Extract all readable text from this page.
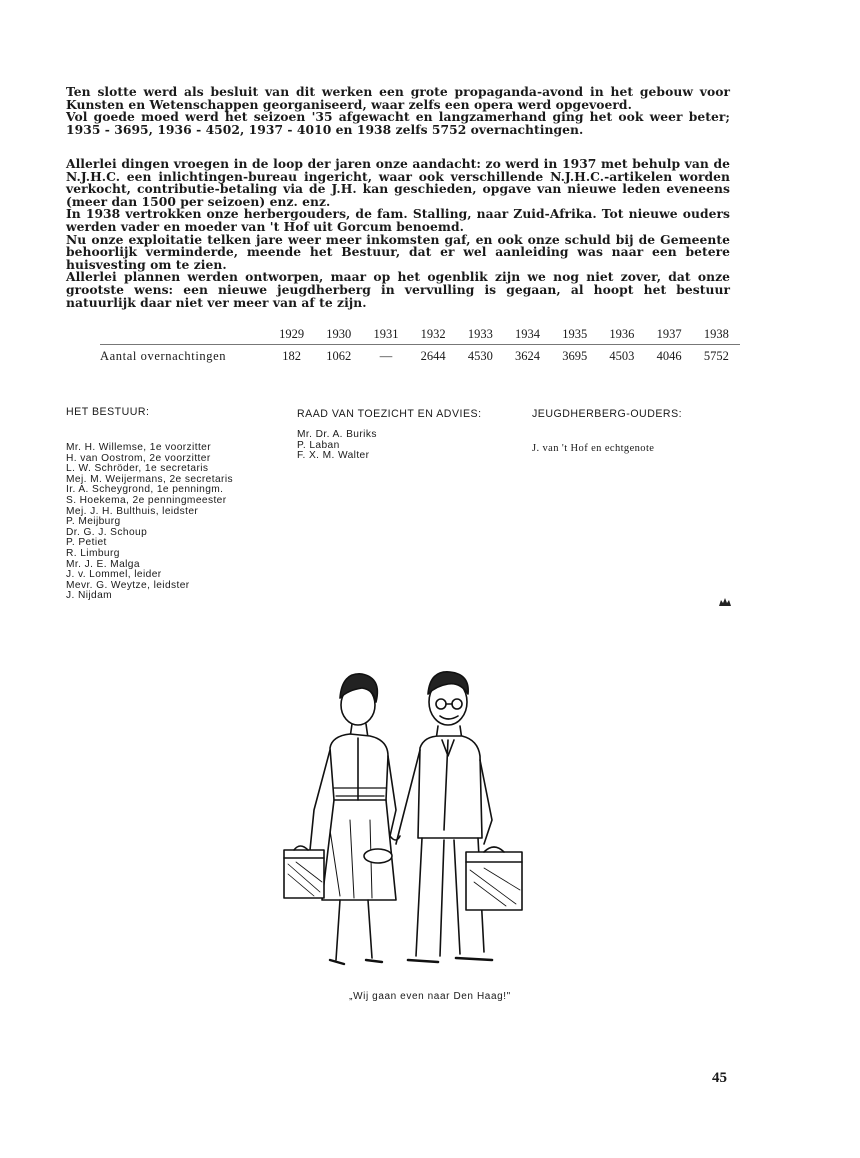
Ten slotte werd als besluit van dit werken een grote propaganda-avond in het gebouw voor Kunsten en Wetenschappen georganiseerd, waar zelfs een opera werd opgevoerd.

Vol goede moed werd het seizoen '35 afgewacht en langzamerhand ging het ook weer beter; 1935 - 3695, 1936 - 4502, 1937 - 4010 en 1938 zelfs 5752 overnachtingen.

Allerlei dingen vroegen in de loop der jaren onze aandacht: zo werd in 1937 met behulp van de N.J.H.C. een inlichtingen-bureau ingericht, waar ook verschillende N.J.H.C.-artikelen worden verkocht, contributie-betaling via de J.H. kan geschieden, opgave van nieuwe leden eveneens (meer dan 1500 per seizoen) enz. enz.

In 1938 vertrokken onze herbergouders, de fam. Stalling, naar Zuid-Afrika. Tot nieuwe ouders werden vader en moeder van 't Hof uit Gorcum benoemd.

Nu onze exploitatie telken jare weer meer inkomsten gaf, en ook onze schuld bij de Gemeente behoorlijk verminderde, meende het Bestuur, dat er wel aanleiding was naar een betere huisvesting om te zien.

Allerlei plannen werden ontworpen, maar op het ogenblik zijn we nog niet zover, dat onze grootste wens: een nieuwe jeugdherberg in vervulling is gegaan, al hoopt het bestuur natuurlijk daar niet ver meer van af te zijn.

	1929	1930	1931	1932	1933	1934	1935	1936	1937	1938
Aantal overnachtingen	182	1062	—	2644	4530	3624	3695	4503	4046	5752
HET BESTUUR:
Mr. H. Willemse, 1e voorzitter
H. van Oostrom, 2e voorzitter
L. W. Schröder, 1e secretaris
Mej. M. Weijermans, 2e secretaris
Ir. A. Scheygrond, 1e penningm.
S. Hoekema, 2e penningmeester
Mej. J. H. Bulthuis, leidster
P. Meijburg
Dr. G. J. Schoup
P. Petiet
R. Limburg
Mr. J. E. Malga
J. v. Lommel, leider
Mevr. G. Weytze, leidster
J. Nijdam
RAAD VAN TOEZICHT EN ADVIES:
Mr. Dr. A. Buriks
P. Laban
F. X. M. Walter
JEUGDHERBERG-OUDERS:
J. van 't Hof en echtgenote
„Wij gaan even naar Den Haag!"
45
